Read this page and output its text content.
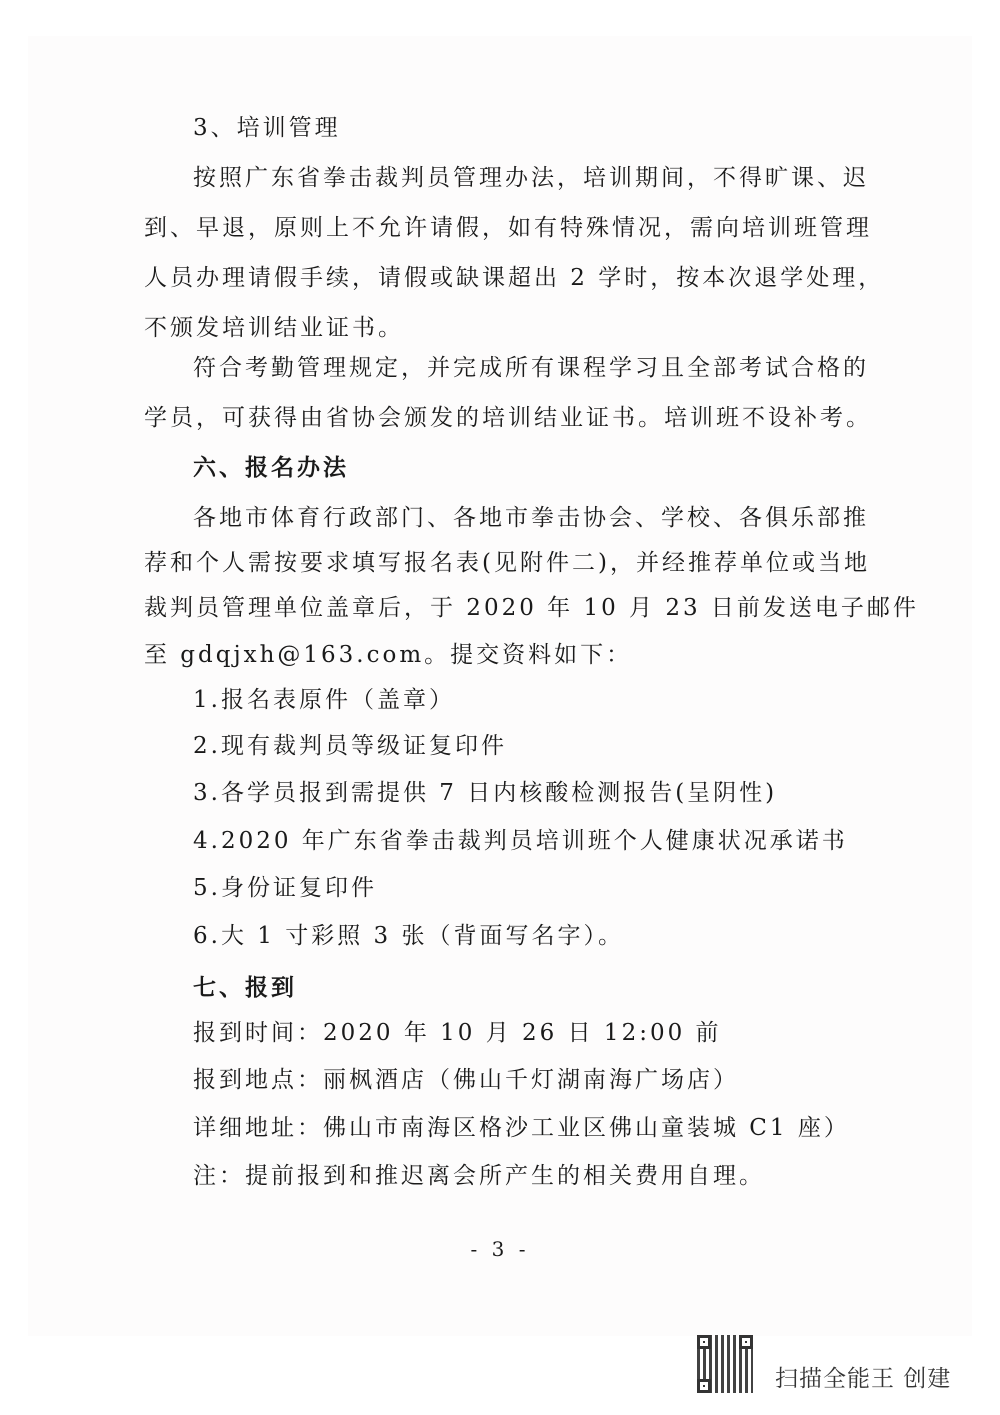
3、培训管理
按照广东省拳击裁判员管理办法，培训期间，不得旷课、迟
到、早退，原则上不允许请假，如有特殊情况，需向培训班管理
人员办理请假手续，请假或缺课超出 2 学时，按本次退学处理，
不颁发培训结业证书。
符合考勤管理规定，并完成所有课程学习且全部考试合格的
学员，可获得由省协会颁发的培训结业证书。培训班不设补考。
六、报名办法
各地市体育行政部门、各地市拳击协会、学校、各俱乐部推
荐和个人需按要求填写报名表(见附件二)，并经推荐单位或当地
裁判员管理单位盖章后，于 2020 年 10 月 23 日前发送电子邮件
至 gdqjxh@163.com。提交资料如下：
1.报名表原件（盖章）
2.现有裁判员等级证复印件
3.各学员报到需提供 7 日内核酸检测报告(呈阴性)
4.2020 年广东省拳击裁判员培训班个人健康状况承诺书
5.身份证复印件
6.大 1 寸彩照 3 张（背面写名字）。
七、报到
报到时间：2020 年 10 月 26 日 12:00 前
报到地点：丽枫酒店（佛山千灯湖南海广场店）
详细地址：佛山市南海区格沙工业区佛山童装城 C1 座）
注：提前报到和推迟离会所产生的相关费用自理。
- 3 -
扫描全能王 创建
